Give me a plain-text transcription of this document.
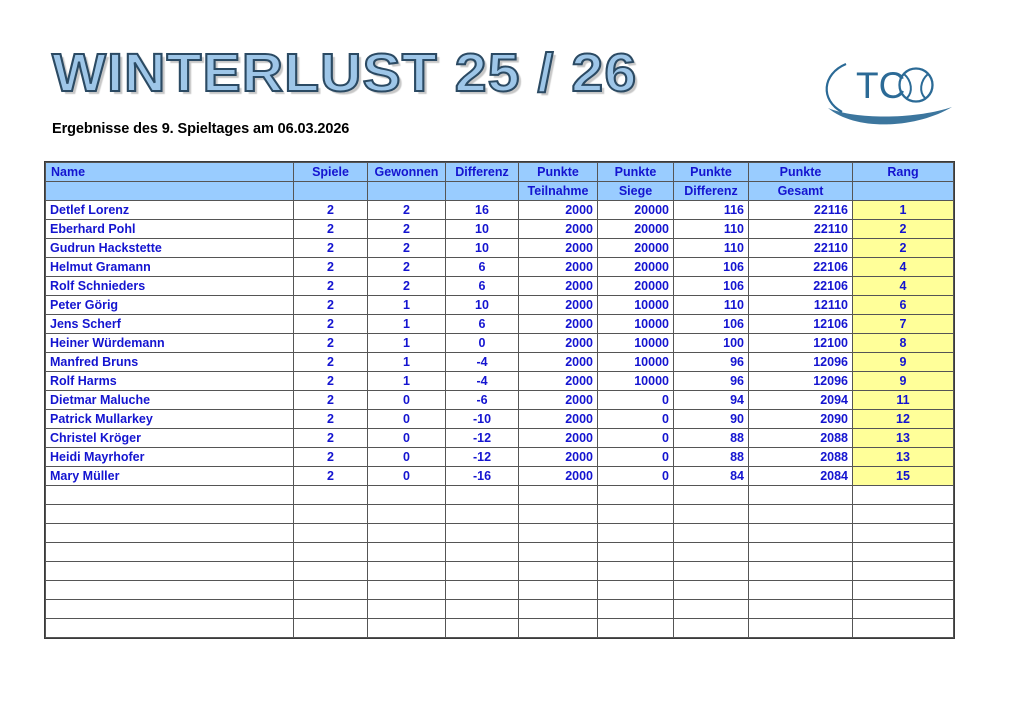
WINTERLUST 25 / 26
Ergebnisse des 9. Spieltages am 06.03.2026
TC
Name	Spiele	Gewonnen	Differenz	Punkte	Punkte	Punkte	Punkte	Rang
				Teilnahme	Siege	Differenz	Gesamt	
Detlef Lorenz	2	2	16	2000	20000	116	22116	1
Eberhard Pohl	2	2	10	2000	20000	110	22110	2
Gudrun Hackstette	2	2	10	2000	20000	110	22110	2
Helmut Gramann	2	2	6	2000	20000	106	22106	4
Rolf Schnieders	2	2	6	2000	20000	106	22106	4
Peter Görig	2	1	10	2000	10000	110	12110	6
Jens Scherf	2	1	6	2000	10000	106	12106	7
Heiner Würdemann	2	1	0	2000	10000	100	12100	8
Manfred Bruns	2	1	-4	2000	10000	96	12096	9
Rolf Harms	2	1	-4	2000	10000	96	12096	9
Dietmar Maluche	2	0	-6	2000	0	94	2094	11
Patrick Mullarkey	2	0	-10	2000	0	90	2090	12
Christel Kröger	2	0	-12	2000	0	88	2088	13
Heidi Mayrhofer	2	0	-12	2000	0	88	2088	13
Mary Müller	2	0	-16	2000	0	84	2084	15
